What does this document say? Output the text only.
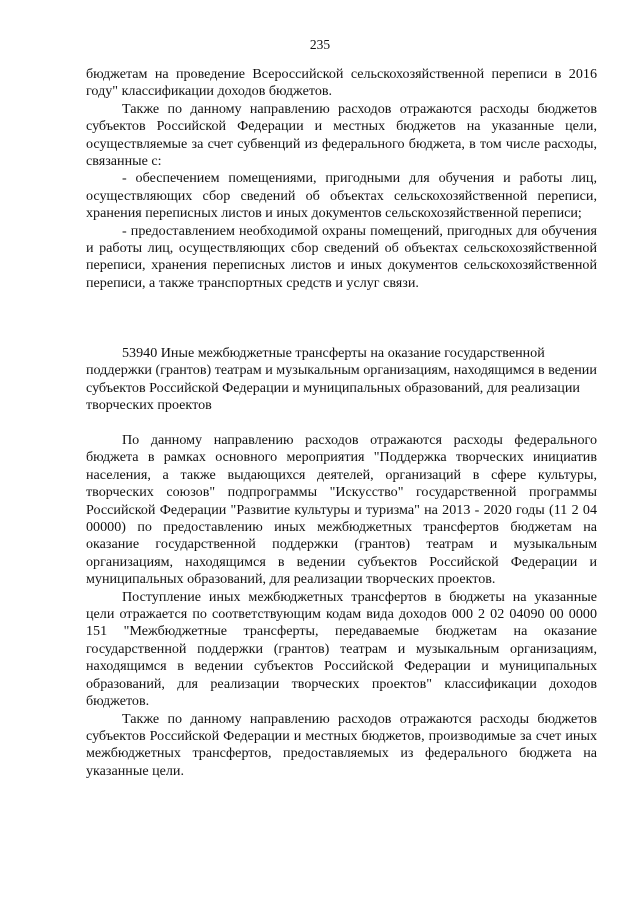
235

бюджетам на проведение Всероссийской сельскохозяйственной переписи в 2016 году" классификации доходов бюджетов.

Также по данному направлению расходов отражаются расходы бюджетов субъектов Российской Федерации и местных бюджетов на указанные цели, осуществляемые за счет субвенций из федерального бюджета, в том числе расходы, связанные с:

- обеспечением помещениями, пригодными для обучения и работы лиц, осуществляющих сбор сведений об объектах сельскохозяйственной переписи, хранения переписных листов и иных документов сельскохозяйственной переписи;

- предоставлением необходимой охраны помещений, пригодных для обучения и работы лиц, осуществляющих сбор сведений об объектах сельскохозяйственной переписи, хранения переписных листов и иных документов сельскохозяйственной переписи, а также транспортных средств и услуг связи.

53940 Иные межбюджетные трансферты на оказание государственной поддержки (грантов) театрам и музыкальным организациям, находящимся в ведении субъектов Российской Федерации и муниципальных образований, для реализации творческих проектов

По данному направлению расходов отражаются расходы федерального бюджета в рамках основного мероприятия "Поддержка творческих инициатив населения, а также выдающихся деятелей, организаций в сфере культуры, творческих союзов" подпрограммы "Искусство" государственной программы Российской Федерации "Развитие культуры и туризма" на 2013 - 2020 годы (11 2 04 00000) по предоставлению иных межбюджетных трансфертов бюджетам на оказание государственной поддержки (грантов) театрам и музыкальным организациям, находящимся в ведении субъектов Российской Федерации и муниципальных образований, для реализации творческих проектов.

Поступление иных межбюджетных трансфертов в бюджеты на указанные цели отражается по соответствующим кодам вида доходов 000 2 02 04090 00 0000 151 "Межбюджетные трансферты, передаваемые бюджетам на оказание государственной поддержки (грантов) театрам и музыкальным организациям, находящимся в ведении субъектов Российской Федерации и муниципальных образований, для реализации творческих проектов" классификации доходов бюджетов.

Также по данному направлению расходов отражаются расходы бюджетов субъектов Российской Федерации и местных бюджетов, производимые за счет иных межбюджетных трансфертов, предоставляемых из федерального бюджета на указанные цели.
